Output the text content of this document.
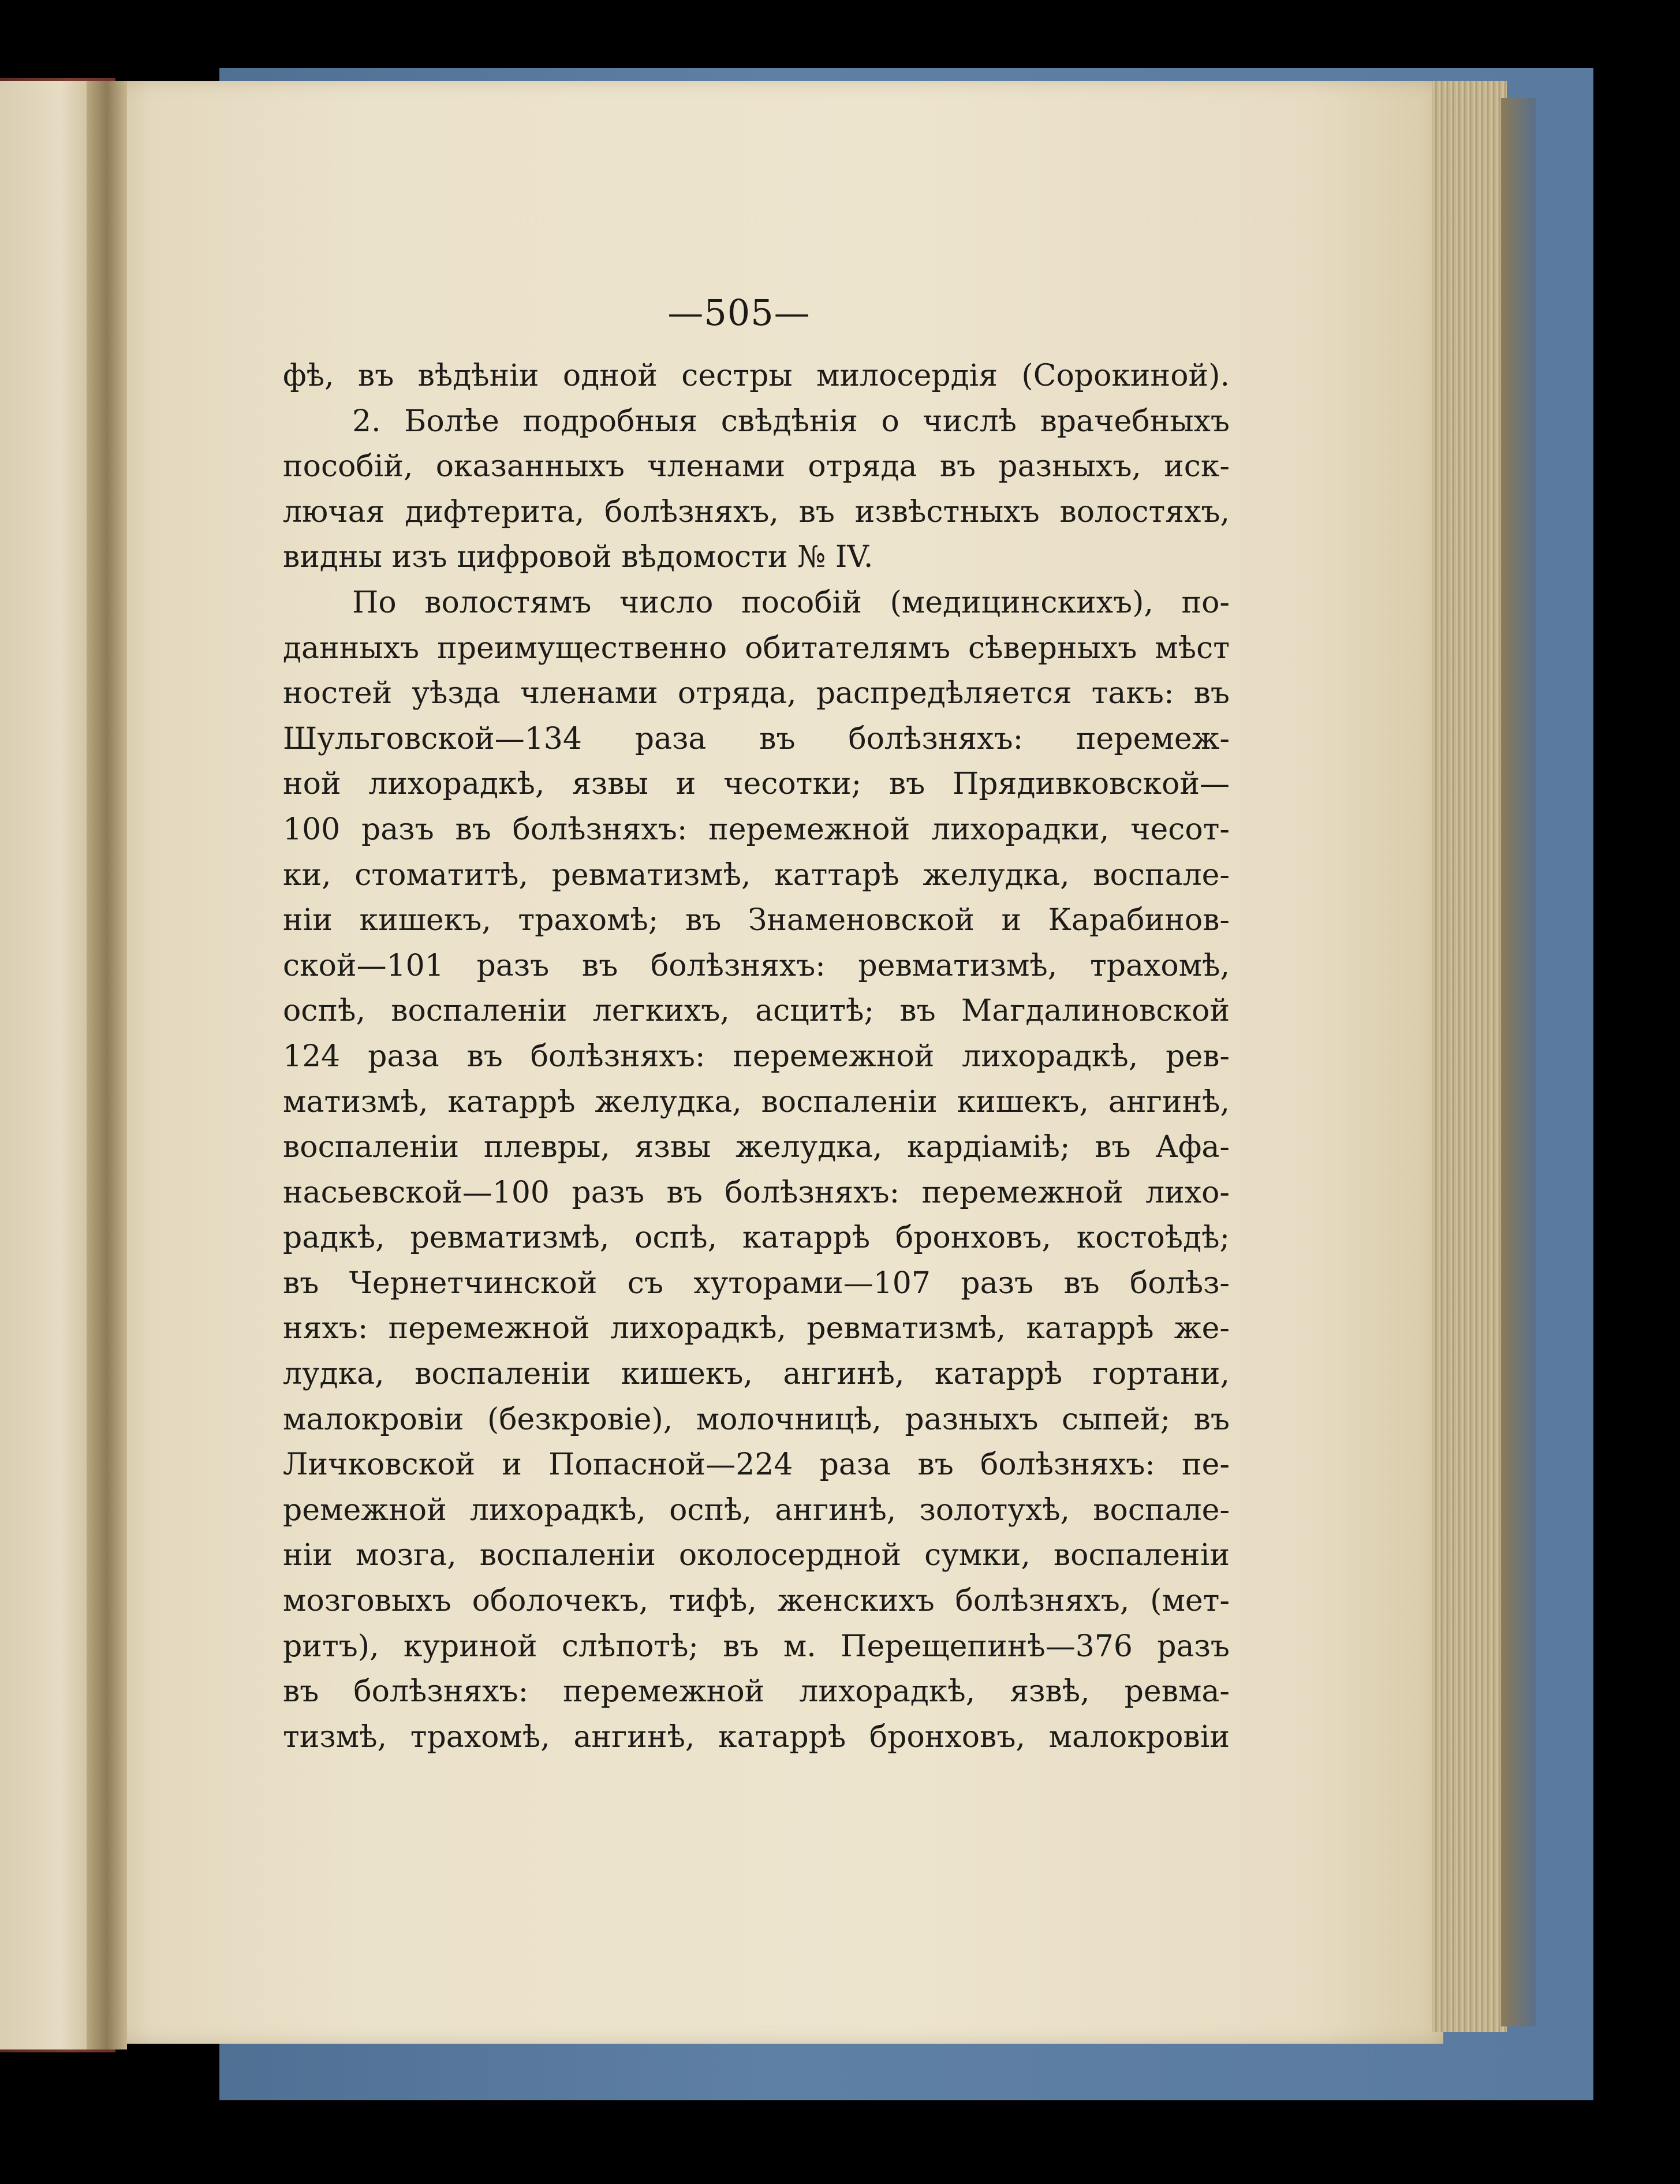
—505—
фѣ, въ вѣдѣніи одной сестры милосердія (Сорокиной).
2. Болѣе подробныя свѣдѣнія о числѣ врачебныхъ
пособій, оказанныхъ членами отряда въ разныхъ, иск-
лючая дифтерита, болѣзняхъ, въ извѣстныхъ волостяхъ,
видны изъ цифровой вѣдомости № IV.
По волостямъ число пособій (медицинскихъ), по-
данныхъ преимущественно обитателямъ сѣверныхъ мѣст
ностей уѣзда членами отряда, распредѣляется такъ: въ
Шульговской—134 раза въ болѣзняхъ: перемеж-
ной лихорадкѣ, язвы и чесотки; въ Прядивковской—
100 разъ въ болѣзняхъ: перемежной лихорадки, чесот-
ки, стоматитѣ, ревматизмѣ, каттарѣ желудка, воспале-
ніи кишекъ, трахомѣ; въ Знаменовской и Карабинов-
ской—101 разъ въ болѣзняхъ: ревматизмѣ, трахомѣ,
оспѣ, воспаленіи легкихъ, асцитѣ; въ Магдалиновской
124 раза въ болѣзняхъ: перемежной лихорадкѣ, рев-
матизмѣ, катаррѣ желудка, воспаленіи кишекъ, ангинѣ,
воспаленіи плевры, язвы желудка, кардіаміѣ; въ Афа-
насьевской—100 разъ въ болѣзняхъ: перемежной лихо-
радкѣ, ревматизмѣ, оспѣ, катаррѣ бронховъ, костоѣдѣ;
въ Чернетчинской съ хуторами—107 разъ въ болѣз-
няхъ: перемежной лихорадкѣ, ревматизмѣ, катаррѣ же-
лудка, воспаленіи кишекъ, ангинѣ, катаррѣ гортани,
малокровіи (безкровіе), молочницѣ, разныхъ сыпей; въ
Личковской и Попасной—224 раза въ болѣзняхъ: пе-
ремежной лихорадкѣ, оспѣ, ангинѣ, золотухѣ, воспале-
ніи мозга, воспаленіи околосердной сумки, воспаленіи
мозговыхъ оболочекъ, тифѣ, женскихъ болѣзняхъ, (мет-
ритъ), куриной слѣпотѣ; въ м. Перещепинѣ—376 разъ
въ болѣзняхъ: перемежной лихорадкѣ, язвѣ, ревма-
тизмѣ, трахомѣ, ангинѣ, катаррѣ бронховъ, малокровіи
